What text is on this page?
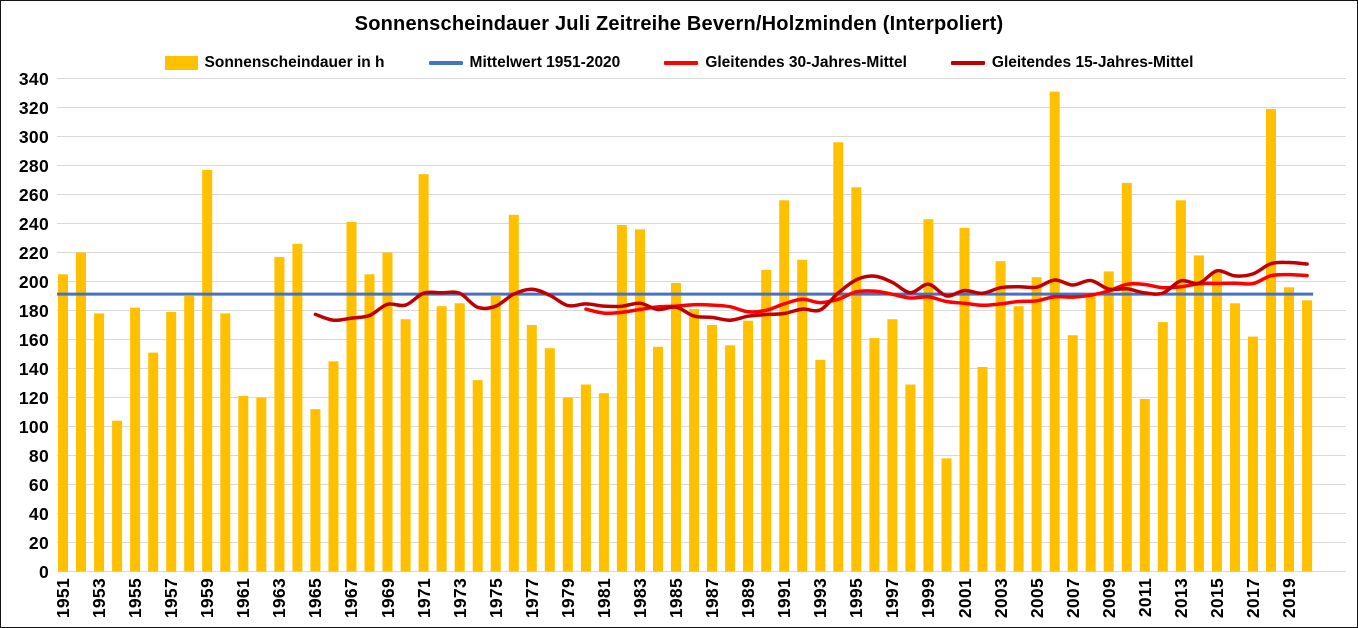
Sonnenscheindauer Juli Zeitreihe Bevern/Holzminden (Interpoliert)
Sonnenscheindauer in h	Mittelwert 1951-2020	Gleitendes 30-Jahres-Mittel	Gleitendes 15-Jahres-Mittel
0
20
40
60
80
100
120
140
160
180
200
220
240
260
280
300
320
340
1951 1953 1955 1957 1959 1961 1963 1965 1967 1969 1971 1973 1975 1977 1979 1981 1983 1985 1987 1989 1991 1993 1995 1997 1999 2001 2003 2005 2007 2009 2011 2013 2015 2017 2019
